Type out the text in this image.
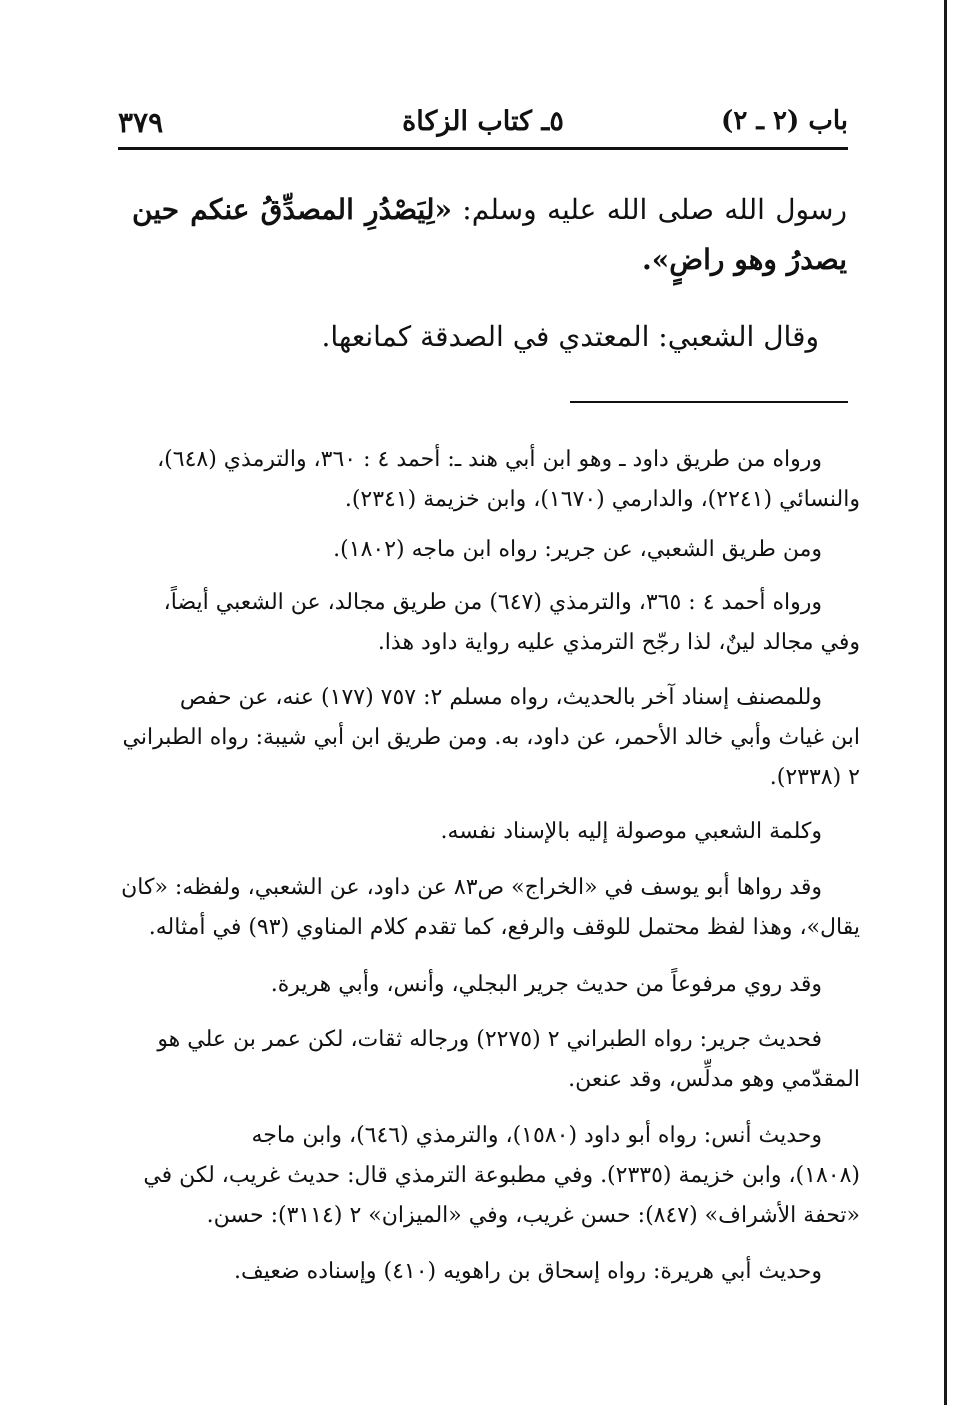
باب (٢ ـ ٢)
٥ـ كتاب الزكاة
٣٧٩
رسول الله صلى الله عليه وسلم: «لِيَصْدُرِ المصدِّقُ عنكم حين يصدرُ وهو راضٍ».
وقال الشعبي: المعتدي في الصدقة كمانعها.
ورواه من طريق داود ـ وهو ابن أبي هند ـ: أحمد ٤ : ٣٦٠، والترمذي (٦٤٨)،
والنسائي (٢٢٤١)، والدارمي (١٦٧٠)، وابن خزيمة (٢٣٤١).
ومن طريق الشعبي، عن جرير: رواه ابن ماجه (١٨٠٢).
ورواه أحمد ٤ : ٣٦٥، والترمذي (٦٤٧) من طريق مجالد، عن الشعبي أيضاً،
وفي مجالد لينٌ، لذا رجّح الترمذي عليه رواية داود هذا.
وللمصنف إسناد آخر بالحديث، رواه مسلم ٢: ٧٥٧ (١٧٧) عنه، عن حفص
ابن غياث وأبي خالد الأحمر، عن داود، به. ومن طريق ابن أبي شيبة: رواه الطبراني
٢ (٢٣٣٨).
وكلمة الشعبي موصولة إليه بالإسناد نفسه.
وقد رواها أبو يوسف في «الخراج» ص٨٣ عن داود، عن الشعبي، ولفظه: «كان
يقال»، وهذا لفظ محتمل للوقف والرفع، كما تقدم كلام المناوي (٩٣) في أمثاله.
وقد روي مرفوعاً من حديث جرير البجلي، وأنس، وأبي هريرة.
فحديث جرير: رواه الطبراني ٢ (٢٢٧٥) ورجاله ثقات، لكن عمر بن علي هو
المقدّمي وهو مدلِّس، وقد عنعن.
وحديث أنس: رواه أبو داود (١٥٨٠)، والترمذي (٦٤٦)، وابن ماجه
(١٨٠٨)، وابن خزيمة (٢٣٣٥). وفي مطبوعة الترمذي قال: حديث غريب، لكن في
«تحفة الأشراف» (٨٤٧): حسن غريب، وفي «الميزان» ٢ (٣١١٤): حسن.
وحديث أبي هريرة: رواه إسحاق بن راهويه (٤١٠) وإسناده ضعيف.
